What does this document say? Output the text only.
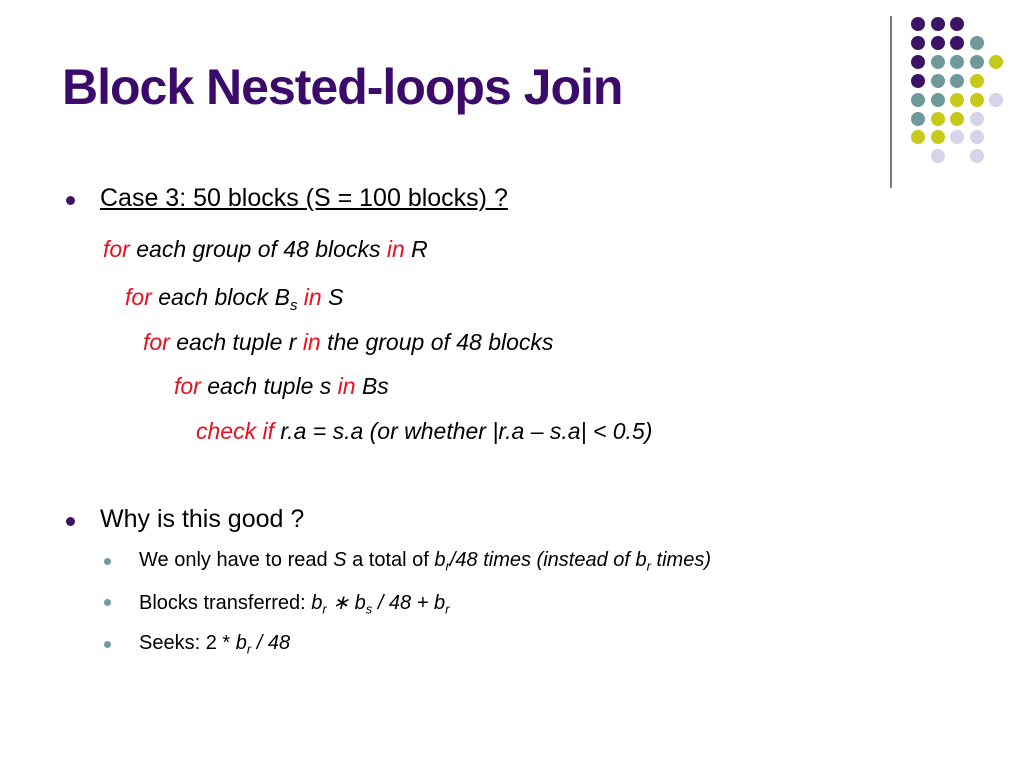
Block Nested-loops Join
Case 3: 50 blocks (S = 100 blocks) ?
for each group of 48 blocks in R
for each block $B_s$ in S
for each tuple r in the group of 48 blocks
for each tuple s in Bs
check if r.a = s.a (or whether |r.a – s.a| < 0.5)
Why is this good ?
We only have to read S a total of $b_r/48$ times (instead of $b_r$ times)
Blocks transferred: $b_r$ ∗ $b_s / 48 + b_r$
Seeks: $2 * b_r / 48$
